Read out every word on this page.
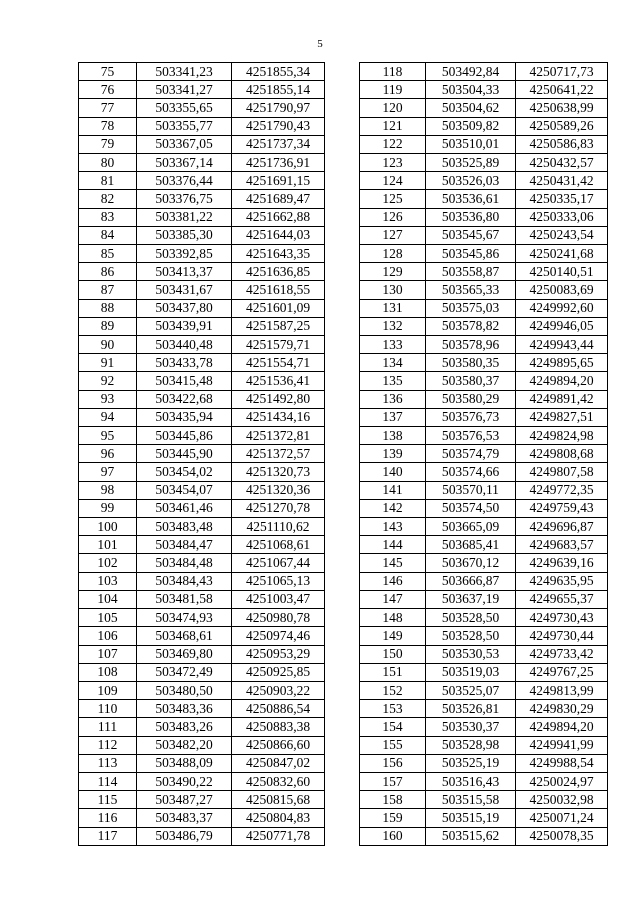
5
75	503341,23	4251855,34
76	503341,27	4251855,14
77	503355,65	4251790,97
78	503355,77	4251790,43
79	503367,05	4251737,34
80	503367,14	4251736,91
81	503376,44	4251691,15
82	503376,75	4251689,47
83	503381,22	4251662,88
84	503385,30	4251644,03
85	503392,85	4251643,35
86	503413,37	4251636,85
87	503431,67	4251618,55
88	503437,80	4251601,09
89	503439,91	4251587,25
90	503440,48	4251579,71
91	503433,78	4251554,71
92	503415,48	4251536,41
93	503422,68	4251492,80
94	503435,94	4251434,16
95	503445,86	4251372,81
96	503445,90	4251372,57
97	503454,02	4251320,73
98	503454,07	4251320,36
99	503461,46	4251270,78
100	503483,48	4251110,62
101	503484,47	4251068,61
102	503484,48	4251067,44
103	503484,43	4251065,13
104	503481,58	4251003,47
105	503474,93	4250980,78
106	503468,61	4250974,46
107	503469,80	4250953,29
108	503472,49	4250925,85
109	503480,50	4250903,22
110	503483,36	4250886,54
111	503483,26	4250883,38
112	503482,20	4250866,60
113	503488,09	4250847,02
114	503490,22	4250832,60
115	503487,27	4250815,68
116	503483,37	4250804,83
117	503486,79	4250771,78
118	503492,84	4250717,73
119	503504,33	4250641,22
120	503504,62	4250638,99
121	503509,82	4250589,26
122	503510,01	4250586,83
123	503525,89	4250432,57
124	503526,03	4250431,42
125	503536,61	4250335,17
126	503536,80	4250333,06
127	503545,67	4250243,54
128	503545,86	4250241,68
129	503558,87	4250140,51
130	503565,33	4250083,69
131	503575,03	4249992,60
132	503578,82	4249946,05
133	503578,96	4249943,44
134	503580,35	4249895,65
135	503580,37	4249894,20
136	503580,29	4249891,42
137	503576,73	4249827,51
138	503576,53	4249824,98
139	503574,79	4249808,68
140	503574,66	4249807,58
141	503570,11	4249772,35
142	503574,50	4249759,43
143	503665,09	4249696,87
144	503685,41	4249683,57
145	503670,12	4249639,16
146	503666,87	4249635,95
147	503637,19	4249655,37
148	503528,50	4249730,43
149	503528,50	4249730,44
150	503530,53	4249733,42
151	503519,03	4249767,25
152	503525,07	4249813,99
153	503526,81	4249830,29
154	503530,37	4249894,20
155	503528,98	4249941,99
156	503525,19	4249988,54
157	503516,43	4250024,97
158	503515,58	4250032,98
159	503515,19	4250071,24
160	503515,62	4250078,35
